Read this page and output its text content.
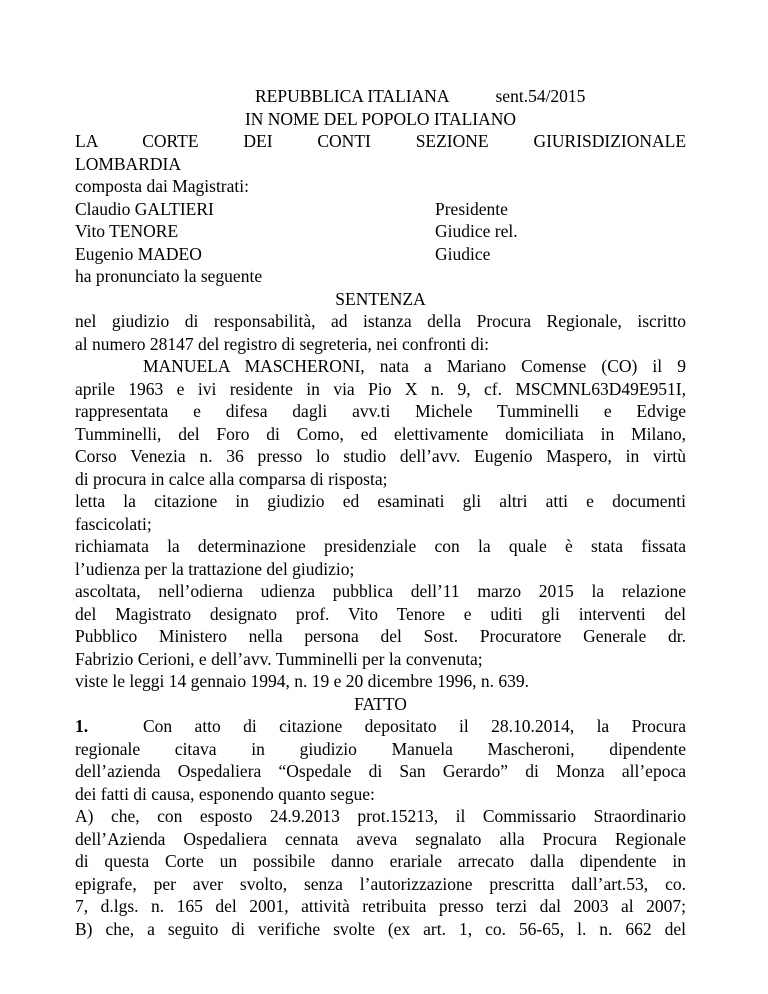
REPUBBLICA ITALIANA	sent.54/2015
IN NOME DEL POPOLO ITALIANO
LA	CORTE	DEI	CONTI	SEZIONE	GIURISDIZIONALE
LOMBARDIA
composta dai Magistrati:
Claudio GALTIERI	Presidente
Vito TENORE	Giudice rel.
Eugenio MADEO	Giudice
ha pronunciato la seguente
SENTENZA
nel giudizio di responsabilità, ad istanza della Procura Regionale, iscritto
al numero 28147 del registro di segreteria, nei confronti di:
MANUELA MASCHERONI, nata a Mariano Comense (CO) il 9
aprile 1963 e ivi residente in via Pio X n. 9, cf. MSCMNL63D49E951I,
rappresentata e difesa dagli avv.ti Michele Tumminelli e Edvige
Tumminelli, del Foro di Como, ed elettivamente domiciliata in Milano,
Corso Venezia n. 36 presso lo studio dell’avv. Eugenio Maspero, in virtù
di procura in calce alla comparsa di risposta;
letta la citazione in giudizio ed esaminati gli altri atti e documenti
fascicolati;
richiamata la determinazione presidenziale con la quale è stata fissata
l’udienza per la trattazione del giudizio;
ascoltata, nell’odierna udienza pubblica dell’11 marzo 2015 la relazione
del Magistrato designato prof. Vito Tenore e uditi gli interventi del
Pubblico Ministero nella persona del Sost. Procuratore Generale dr.
Fabrizio Cerioni, e dell’avv. Tumminelli per la convenuta;
viste le leggi 14 gennaio 1994, n. 19 e 20 dicembre 1996, n. 639.
FATTO
1.	Con atto di citazione depositato il 28.10.2014, la Procura
regionale citava in giudizio Manuela Mascheroni, dipendente
dell’azienda Ospedaliera “Ospedale di San Gerardo” di Monza all’epoca
dei fatti di causa, esponendo quanto segue:
A) che, con esposto 24.9.2013 prot.15213, il Commissario Straordinario
dell’Azienda Ospedaliera cennata aveva segnalato alla Procura Regionale
di questa Corte un possibile danno erariale arrecato dalla dipendente in
epigrafe, per aver svolto, senza l’autorizzazione prescritta dall’art.53, co.
7, d.lgs. n. 165 del 2001, attività retribuita presso terzi dal 2003 al 2007;
B) che, a seguito di verifiche svolte (ex art. 1, co. 56-65, l. n. 662 del
